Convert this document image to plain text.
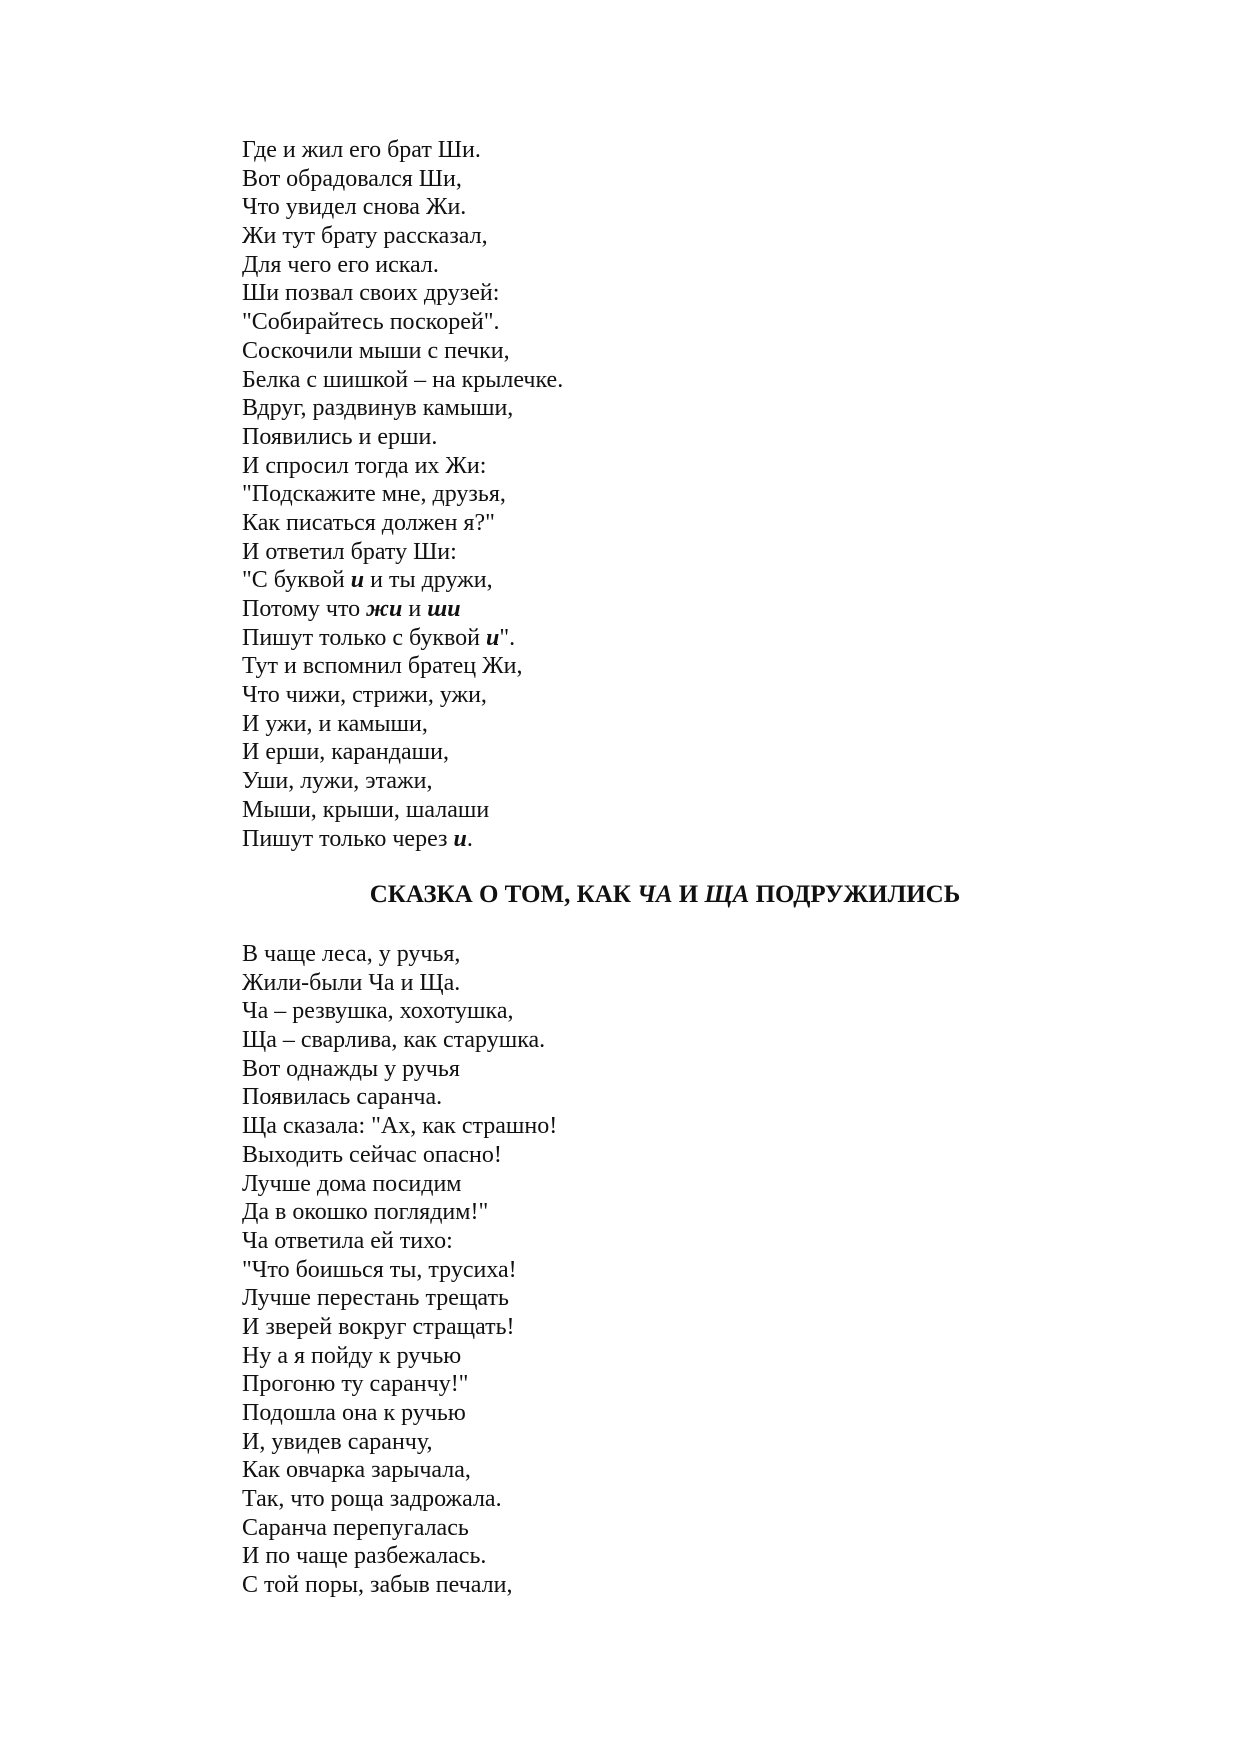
Где и жил его брат Ши.
Вот обрадовался Ши,
Что увидел снова Жи.
Жи тут брату рассказал,
Для чего его искал.
Ши позвал своих друзей:
"Собирайтесь поскорей".
Соскочили мыши с печки,
Белка с шишкой – на крылечке.
Вдруг, раздвинув камыши,
Появились и ерши.
И спросил тогда их Жи:
"Подскажите мне, друзья,
Как писаться должен я?"
И ответил брату Ши:
"С буквой и и ты дружи,
Потому что жи и ши
Пишут только с буквой и".
Тут и вспомнил братец Жи,
Что чижи, стрижи, ужи,
И ужи, и камыши,
И ерши, карандаши,
Уши, лужи, этажи,
Мыши, крыши, шалаши
Пишут только через и.
СКАЗКА О ТОМ, КАК ЧА И ЩА ПОДРУЖИЛИСЬ
В чаще леса, у ручья,
Жили-были Ча и Ща.
Ча – резвушка, хохотушка,
Ща – сварлива, как старушка.
Вот однажды у ручья
Появилась саранча.
Ща сказала: "Ах, как страшно!
Выходить сейчас опасно!
Лучше дома посидим
Да в окошко поглядим!"
Ча ответила ей тихо:
"Что боишься ты, трусиха!
Лучше перестань трещать
И зверей вокруг стращать!
Ну а я пойду к ручью
Прогоню ту саранчу!"
Подошла она к ручью
И, увидев саранчу,
Как овчарка зарычала,
Так, что роща задрожала.
Саранча перепугалась
И по чаще разбежалась.
С той поры, забыв печали,
